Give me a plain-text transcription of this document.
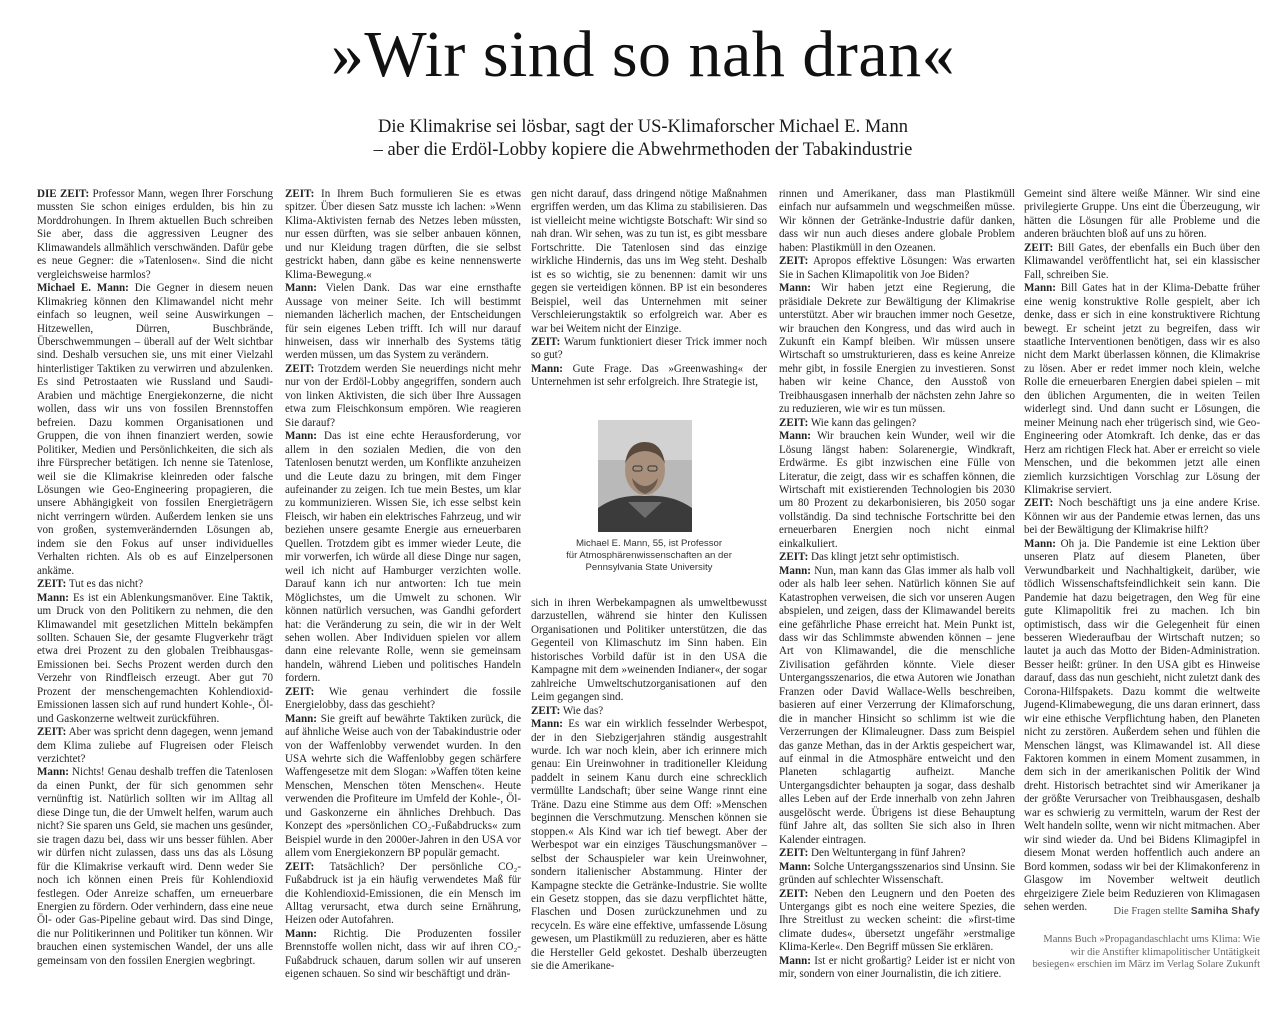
»Wir sind so nah dran«
Die Klimakrise sei lösbar, sagt der US-Klimaforscher Michael E. Mann
– aber die Erdöl-Lobby kopiere die Abwehrmethoden der Tabakindustrie

DIE ZEIT: Professor Mann, wegen Ihrer Forschung mussten Sie schon einiges erdulden, bis hin zu Morddrohungen. In Ihrem aktuellen Buch schreiben Sie aber, dass die aggressiven Leugner des Klimawandels allmählich verschwänden. Dafür gebe es neue Gegner: die »Tatenlosen«. Sind die nicht vergleichsweise harmlos?

Michael E. Mann: Die Gegner in diesem neuen Klimakrieg können den Klimawandel nicht mehr einfach so leugnen, weil seine Auswirkungen – Hitzewellen, Dürren, Buschbrände, Überschwemmungen – überall auf der Welt sichtbar sind. Deshalb versuchen sie, uns mit einer Vielzahl hinterlistiger Taktiken zu verwirren und abzulenken. Es sind Petrostaaten wie Russland und Saudi-Arabien und mächtige Energiekonzerne, die nicht wollen, dass wir uns von fossilen Brennstoffen befreien. Dazu kommen Organisationen und Gruppen, die von ihnen finanziert werden, sowie Politiker, Medien und Persönlichkeiten, die sich als ihre Fürsprecher betätigen. Ich nenne sie Tatenlose, weil sie die Klimakrise kleinreden oder falsche Lösungen wie Geo-Engineering propagieren, die unsere Abhängigkeit von fossilen Energieträgern nicht verringern würden. Außerdem lenken sie uns von großen, systemverändernden Lösungen ab, indem sie den Fokus auf unser individuelles Verhalten richten. Als ob es auf Einzelpersonen ankäme.

ZEIT: Tut es das nicht?

Mann: Es ist ein Ablenkungsmanöver. Eine Taktik, um Druck von den Politikern zu nehmen, die den Klimawandel mit gesetzlichen Mitteln bekämpfen sollten. Schauen Sie, der gesamte Flugverkehr trägt etwa drei Prozent zu den globalen Treibhausgas-Emissionen bei. Sechs Prozent werden durch den Verzehr von Rindfleisch erzeugt. Aber gut 70 Prozent der menschengemachten Kohlendioxid-Emissionen lassen sich auf rund hundert Kohle-, Öl- und Gaskonzerne weltweit zurückführen.

ZEIT: Aber was spricht denn dagegen, wenn jemand dem Klima zuliebe auf Flugreisen oder Fleisch verzichtet?

Mann: Nichts! Genau deshalb treffen die Tatenlosen da einen Punkt, der für sich genommen sehr vernünftig ist. Natürlich sollten wir im Alltag all diese Dinge tun, die der Umwelt helfen, warum auch nicht? Sie sparen uns Geld, sie machen uns gesünder, sie tragen dazu bei, dass wir uns besser fühlen. Aber wir dürfen nicht zulassen, dass uns das als Lösung für die Klimakrise verkauft wird. Denn weder Sie noch ich können einen Preis für Kohlendioxid festlegen. Oder Anreize schaffen, um erneuerbare Energien zu fördern. Oder verhindern, dass eine neue Öl- oder Gas-Pipeline gebaut wird. Das sind Dinge, die nur Politikerinnen und Politiker tun können. Wir brauchen einen systemischen Wandel, der uns alle gemeinsam von den fossilen Energien wegbringt.

ZEIT: In Ihrem Buch formulieren Sie es etwas spitzer. Über diesen Satz musste ich lachen: »Wenn Klima-Aktivisten fernab des Netzes leben müssten, nur essen dürften, was sie selber anbauen können, und nur Kleidung tragen dürften, die sie selbst gestrickt haben, dann gäbe es keine nennenswerte Klima-Bewegung.«

Mann: Vielen Dank. Das war eine ernsthafte Aussage von meiner Seite. Ich will bestimmt niemanden lächerlich machen, der Entscheidungen für sein eigenes Leben trifft. Ich will nur darauf hinweisen, dass wir innerhalb des Systems tätig werden müssen, um das System zu verändern.

ZEIT: Trotzdem werden Sie neuerdings nicht mehr nur von der Erdöl-Lobby angegriffen, sondern auch von linken Aktivisten, die sich über Ihre Aussagen etwa zum Fleischkonsum empören. Wie reagieren Sie darauf?

Mann: Das ist eine echte Herausforderung, vor allem in den sozialen Medien, die von den Tatenlosen benutzt werden, um Konflikte anzuheizen und die Leute dazu zu bringen, mit dem Finger aufeinander zu zeigen. Ich tue mein Bestes, um klar zu kommunizieren. Wissen Sie, ich esse selbst kein Fleisch, wir haben ein elektrisches Fahrzeug, und wir beziehen unsere gesamte Energie aus erneuerbaren Quellen. Trotzdem gibt es immer wieder Leute, die mir vorwerfen, ich würde all diese Dinge nur sagen, weil ich nicht auf Hamburger verzichten wolle. Darauf kann ich nur antworten: Ich tue mein Möglichstes, um die Umwelt zu schonen. Wir können natürlich versuchen, was Gandhi gefordert hat: die Veränderung zu sein, die wir in der Welt sehen wollen. Aber Individuen spielen vor allem dann eine relevante Rolle, wenn sie gemeinsam handeln, während Lieben und politisches Handeln fordern.

ZEIT: Wie genau verhindert die fossile Energielobby, dass das geschieht?

Mann: Sie greift auf bewährte Taktiken zurück, die auf ähnliche Weise auch von der Tabakindustrie oder von der Waffenlobby verwendet wurden. In den USA wehrte sich die Waffenlobby gegen schärfere Waffengesetze mit dem Slogan: »Waffen töten keine Menschen, Menschen töten Menschen«. Heute verwenden die Profiteure im Umfeld der Kohle-, Öl- und Gaskonzerne ein ähnliches Drehbuch. Das Konzept des »persönlichen CO₂-Fußabdrucks« zum Beispiel wurde in den 2000er-Jahren in den USA vor allem vom Energiekonzern BP populär gemacht.

ZEIT: Tatsächlich? Der persönliche CO₂-Fußabdruck ist ja ein häufig verwendetes Maß für die Kohlendioxid-Emissionen, die ein Mensch im Alltag verursacht, etwa durch seine Ernährung, Heizen oder Autofahren.

Mann: Richtig. Die Produzenten fossiler Brennstoffe wollen nicht, dass wir auf ihren CO₂-Fußabdruck schauen, darum sollen wir auf unseren eigenen schauen. So sind wir beschäftigt und drän-

gen nicht darauf, dass dringend nötige Maßnahmen ergriffen werden, um das Klima zu stabilisieren. Das ist vielleicht meine wichtigste Botschaft: Wir sind so nah dran. Wir sehen, was zu tun ist, es gibt messbare Fortschritte. Die Tatenlosen sind das einzige wirkliche Hindernis, das uns im Weg steht. Deshalb ist es so wichtig, sie zu benennen: damit wir uns gegen sie verteidigen können. BP ist ein besonderes Beispiel, weil das Unternehmen mit seiner Verschleierungstaktik so erfolgreich war. Aber es war bei Weitem nicht der Einzige.

ZEIT: Warum funktioniert dieser Trick immer noch so gut?

Mann: Gute Frage. Das »Greenwashing« der Unternehmen ist sehr erfolgreich. Ihre Strategie ist,

sich in ihren Werbekampagnen als umweltbewusst darzustellen, während sie hinter den Kulissen Organisationen und Politiker unterstützen, die das Gegenteil von Klimaschutz im Sinn haben. Ein historisches Vorbild dafür ist in den USA die Kampagne mit dem »weinenden Indianer«, der sogar zahlreiche Umweltschutzorganisationen auf den Leim gegangen sind.

ZEIT: Wie das?

Mann: Es war ein wirklich fesselnder Werbespot, der in den Siebzigerjahren ständig ausgestrahlt wurde. Ich war noch klein, aber ich erinnere mich genau: Ein Ureinwohner in traditioneller Kleidung paddelt in seinem Kanu durch eine schrecklich vermüllte Landschaft; über seine Wange rinnt eine Träne. Dazu eine Stimme aus dem Off: »Menschen beginnen die Verschmutzung. Menschen können sie stoppen.« Als Kind war ich tief bewegt. Aber der Werbespot war ein einziges Täuschungsmanöver – selbst der Schauspieler war kein Ureinwohner, sondern italienischer Abstammung. Hinter der Kampagne steckte die Getränke-Industrie. Sie wollte ein Gesetz stoppen, das sie dazu verpflichtet hätte, Flaschen und Dosen zurückzunehmen und zu recyceln. Es wäre eine effektive, umfassende Lösung gewesen, um Plastikmüll zu reduzieren, aber es hätte die Hersteller Geld gekostet. Deshalb überzeugten sie die Amerikane-

rinnen und Amerikaner, dass man Plastikmüll einfach nur aufsammeln und wegschmeißen müsse. Wir können der Getränke-Industrie dafür danken, dass wir nun auch dieses andere globale Problem haben: Plastikmüll in den Ozeanen.

ZEIT: Apropos effektive Lösungen: Was erwarten Sie in Sachen Klimapolitik von Joe Biden?

Mann: Wir haben jetzt eine Regierung, die präsidiale Dekrete zur Bewältigung der Klimakrise unterstützt. Aber wir brauchen immer noch Gesetze, wir brauchen den Kongress, und das wird auch in Zukunft ein Kampf bleiben. Wir müssen unsere Wirtschaft so umstrukturieren, dass es keine Anreize mehr gibt, in fossile Energien zu investieren. Sonst haben wir keine Chance, den Ausstoß von Treibhausgasen innerhalb der nächsten zehn Jahre so zu reduzieren, wie wir es tun müssen.

ZEIT: Wie kann das gelingen?

Mann: Wir brauchen kein Wunder, weil wir die Lösung längst haben: Solarenergie, Windkraft, Erdwärme. Es gibt inzwischen eine Fülle von Literatur, die zeigt, dass wir es schaffen können, die Wirtschaft mit existierenden Technologien bis 2030 um 80 Prozent zu dekarbonisieren, bis 2050 sogar vollständig. Da sind technische Fortschritte bei den erneuerbaren Energien noch nicht einmal einkalkuliert.

ZEIT: Das klingt jetzt sehr optimistisch.

Mann: Nun, man kann das Glas immer als halb voll oder als halb leer sehen. Natürlich können Sie auf Katastrophen verweisen, die sich vor unseren Augen abspielen, und zeigen, dass der Klimawandel bereits eine gefährliche Phase erreicht hat. Mein Punkt ist, dass wir das Schlimmste abwenden können – jene Art von Klimawandel, die die menschliche Zivilisation gefährden könnte. Viele dieser Untergangsszenarios, die etwa Autoren wie Jonathan Franzen oder David Wallace-Wells beschreiben, basieren auf einer Verzerrung der Klimaforschung, die in mancher Hinsicht so schlimm ist wie die Verzerrungen der Klimaleugner. Dass zum Beispiel das ganze Methan, das in der Arktis gespeichert war, auf einmal in die Atmosphäre entweicht und den Planeten schlagartig aufheizt. Manche Untergangsdichter behaupten ja sogar, dass deshalb alles Leben auf der Erde innerhalb von zehn Jahren ausgelöscht werde. Übrigens ist diese Behauptung fünf Jahre alt, das sollten Sie sich also in Ihren Kalender eintragen.

ZEIT: Den Weltuntergang in fünf Jahren?

Mann: Solche Untergangsszenarios sind Unsinn. Sie gründen auf schlechter Wissenschaft.

ZEIT: Neben den Leugnern und den Poeten des Untergangs gibt es noch eine weitere Spezies, die Ihre Streitlust zu wecken scheint: die »first-time climate dudes«, übersetzt ungefähr »erstmalige Klima-Kerle«. Den Begriff müssen Sie erklären.

Mann: Ist er nicht großartig? Leider ist er nicht von mir, sondern von einer Journalistin, die ich zitiere.

Gemeint sind ältere weiße Männer. Wir sind eine privilegierte Gruppe. Uns eint die Überzeugung, wir hätten die Lösungen für alle Probleme und die anderen bräuchten bloß auf uns zu hören.

ZEIT: Bill Gates, der ebenfalls ein Buch über den Klimawandel veröffentlicht hat, sei ein klassischer Fall, schreiben Sie.

Mann: Bill Gates hat in der Klima-Debatte früher eine wenig konstruktive Rolle gespielt, aber ich denke, dass er sich in eine konstruktivere Richtung bewegt. Er scheint jetzt zu begreifen, dass wir staatliche Interventionen benötigen, dass wir es also nicht dem Markt überlassen können, die Klimakrise zu lösen. Aber er redet immer noch klein, welche Rolle die erneuerbaren Energien dabei spielen – mit den üblichen Argumenten, die in weiten Teilen widerlegt sind. Und dann sucht er Lösungen, die meiner Meinung nach eher trügerisch sind, wie Geo-Engineering oder Atomkraft. Ich denke, das er das Herz am richtigen Fleck hat. Aber er erreicht so viele Menschen, und die bekommen jetzt alle einen ziemlich kurzsichtigen Vorschlag zur Lösung der Klimakrise serviert.

ZEIT: Noch beschäftigt uns ja eine andere Krise. Können wir aus der Pandemie etwas lernen, das uns bei der Bewältigung der Klimakrise hilft?

Mann: Oh ja. Die Pandemie ist eine Lektion über unseren Platz auf diesem Planeten, über Verwundbarkeit und Nachhaltigkeit, darüber, wie tödlich Wissenschaftsfeindlichkeit sein kann. Die Pandemie hat dazu beigetragen, den Weg für eine gute Klimapolitik frei zu machen. Ich bin optimistisch, dass wir die Gelegenheit für einen besseren Wiederaufbau der Wirtschaft nutzen; so lautet ja auch das Motto der Biden-Administration. Besser heißt: grüner. In den USA gibt es Hinweise darauf, dass das nun geschieht, nicht zuletzt dank des Corona-Hilfspakets. Dazu kommt die weltweite Jugend-Klimabewegung, die uns daran erinnert, dass wir eine ethische Verpflichtung haben, den Planeten nicht zu zerstören. Außerdem sehen und fühlen die Menschen längst, was Klimawandel ist. All diese Faktoren kommen in einem Moment zusammen, in dem sich in der amerikanischen Politik der Wind dreht. Historisch betrachtet sind wir Amerikaner ja der größte Verursacher von Treibhausgasen, deshalb war es schwierig zu vermitteln, warum der Rest der Welt handeln sollte, wenn wir nicht mitmachen. Aber wir sind wieder da. Und bei Bidens Klimagipfel in diesem Monat werden hoffentlich auch andere an Bord kommen, sodass wir bei der Klimakonferenz in Glasgow im November weltweit deutlich ehrgeizigere Ziele beim Reduzieren von Klimagasen sehen werden.

Michael E. Mann, 55, ist Professor
für Atmosphärenwissenschaften an der
Pennsylvania State University
Die Fragen stellte Samiha Shafy
Manns Buch »Propagandaschlacht ums Klima: Wie
wir die Anstifter klimapolitischer Untätigkeit
besiegen« erschien im März im Verlag Solare Zukunft
